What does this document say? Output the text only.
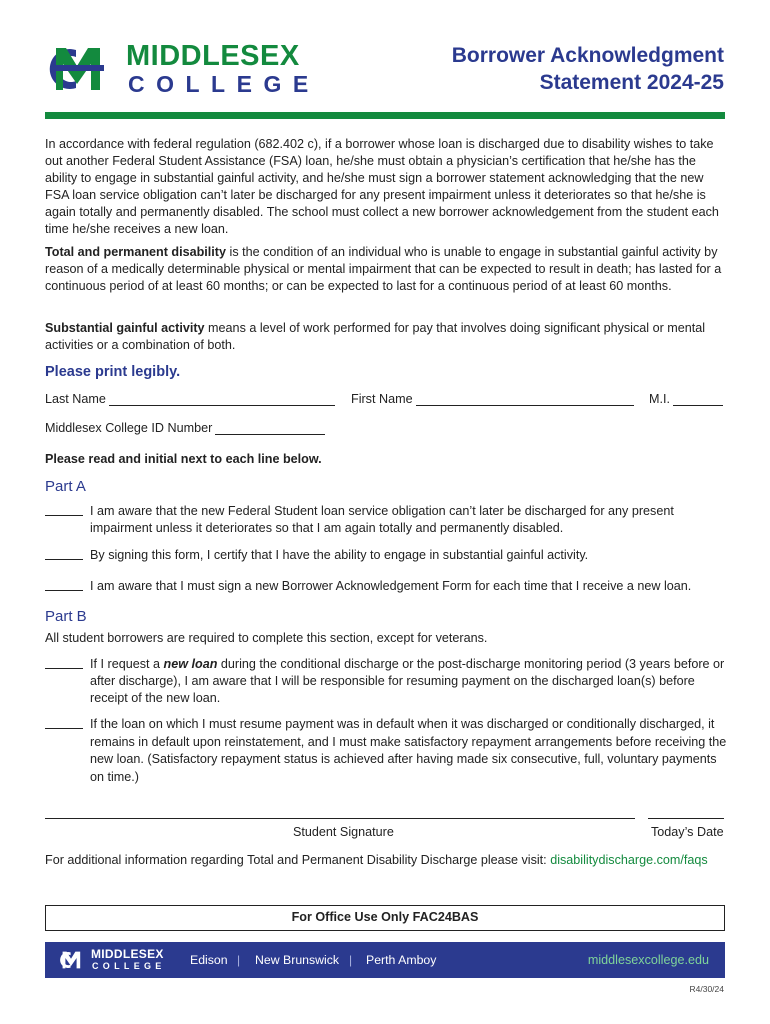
MIDDLESEX
COLLEGE
Borrower Acknowledgment
Statement 2024-25

In accordance with federal regulation (682.402 c), if a borrower whose loan is discharged due to disability wishes to take out another Federal Student Assistance (FSA) loan, he/she must obtain a physician’s certification that he/she has the ability to engage in substantial gainful activity, and he/she must sign a borrower statement acknowledging that the new FSA loan service obligation can’t later be discharged for any present impairment unless it deteriorates so that he/she is again totally and permanently disabled. The school must collect a new borrower acknowledgement from the student each time he/she receives a new loan.

Total and permanent disability is the condition of an individual who is unable to engage in substantial gainful activity by reason of a medically determinable physical or mental impairment that can be expected to result in death; has lasted for a continuous period of at least 60 months; or can be expected to last for a continuous period of at least 60 months.

Substantial gainful activity means a level of work performed for pay that involves doing significant physical or mental activities or a combination of both.

Please print legibly.
Last Name	First Name	M.I.
Middlesex College ID Number
Please read and initial next to each line below.
Part A
I am aware that the new Federal Student loan service obligation can’t later be discharged for any present impairment unless it deteriorates so that I am again totally and permanently disabled.
By signing this form, I certify that I have the ability to engage in substantial gainful activity.
I am aware that I must sign a new Borrower Acknowledgement Form for each time that I receive a new loan.
Part B
All student borrowers are required to complete this section, except for veterans.
If I request a new loan during the conditional discharge or the post-discharge monitoring period (3 years before or after discharge), I am aware that I will be responsible for resuming payment on the discharged loan(s) before receipt of the new loan.
If the loan on which I must resume payment was in default when it was discharged or conditionally discharged, it remains in default upon reinstatement, and I must make satisfactory repayment arrangements before receiving the new loan. (Satisfactory repayment status is achieved after having made six consecutive, full, voluntary payments on time.)
Student Signature	Today’s Date
For additional information regarding Total and Permanent Disability Discharge please visit: disabilitydischarge.com/faqs
For Office Use Only FAC24BAS
MIDDLESEX
COLLEGE Edison | New Brunswick | Perth Amboy	middlesexcollege.edu
R4/30/24
